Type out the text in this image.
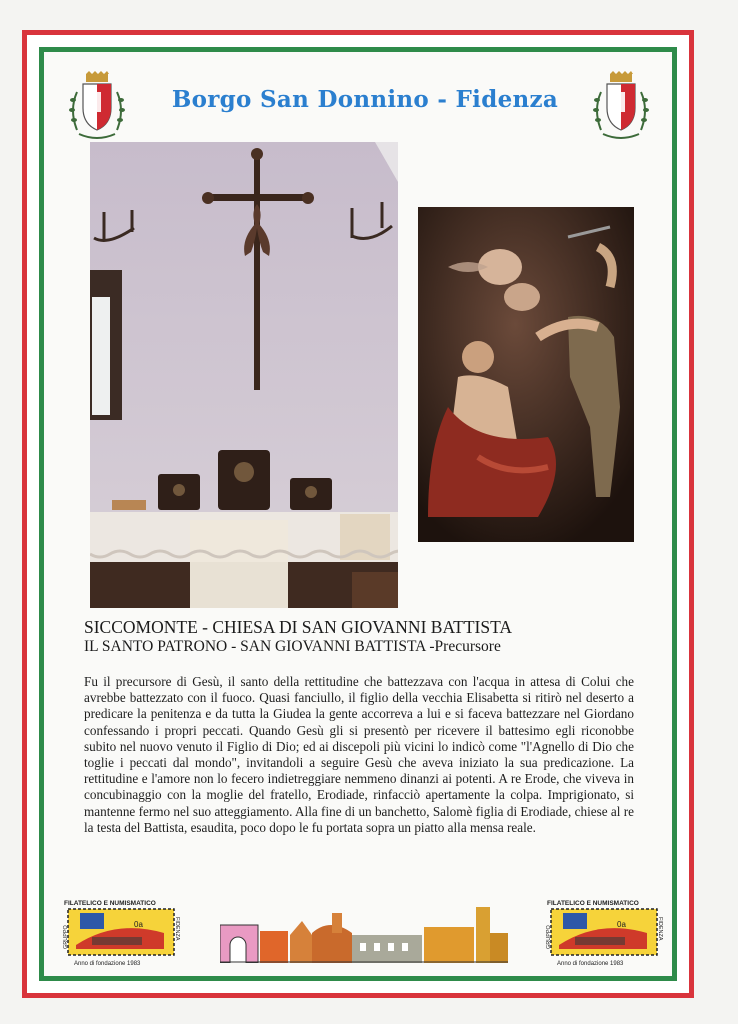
Borgo San Donnino - Fidenza
SICCOMONTE - CHIESA DI SAN GIOVANNI BATTISTA
IL SANTO PATRONO - SAN GIOVANNI BATTISTA -Precursore
Fu il precursore di Gesù, il santo della rettitudine che battezzava con l'acqua in attesa di Colui che avrebbe battezzato con il fuoco. Quasi fanciullo, il figlio della vecchia Elisabetta si ritirò nel deserto a predicare la penitenza e da tutta la Giudea la gente accorreva a lui e si faceva battezzare nel Giordano confessando i propri peccati. Quando Gesù gli si presentò per ricevere il battesimo egli riconobbe subito nel nuovo venuto il Figlio di Dio; ed ai discepoli più vicini lo indicò come "l'Agnello di Dio che toglie i peccati dal mondo", invitandoli a seguire Gesù che aveva iniziato la sua predicazione. La rettitudine e l'amore non lo fecero indietreggiare nemmeno dinanzi ai potenti. A re Erode, che viveva in concubinaggio con la moglie del fratello, Erodiade, rinfacciò apertamente la colpa. Imprigionato, si mantenne fermo nel suo atteggiamento. Alla fine di un banchetto, Salomè figlia di Erodiade, chiese al re la testa del Battista, esaudita, poco dopo le fu portata sopra un piatto alla mensa reale.
FILATELICO E NUMISMATICO
Anno di fondazione 1983
0a
GRUPPO	FIDENZA
FILATELICO E NUMISMATICO
Anno di fondazione 1983
0a
GRUPPO	FIDENZA
